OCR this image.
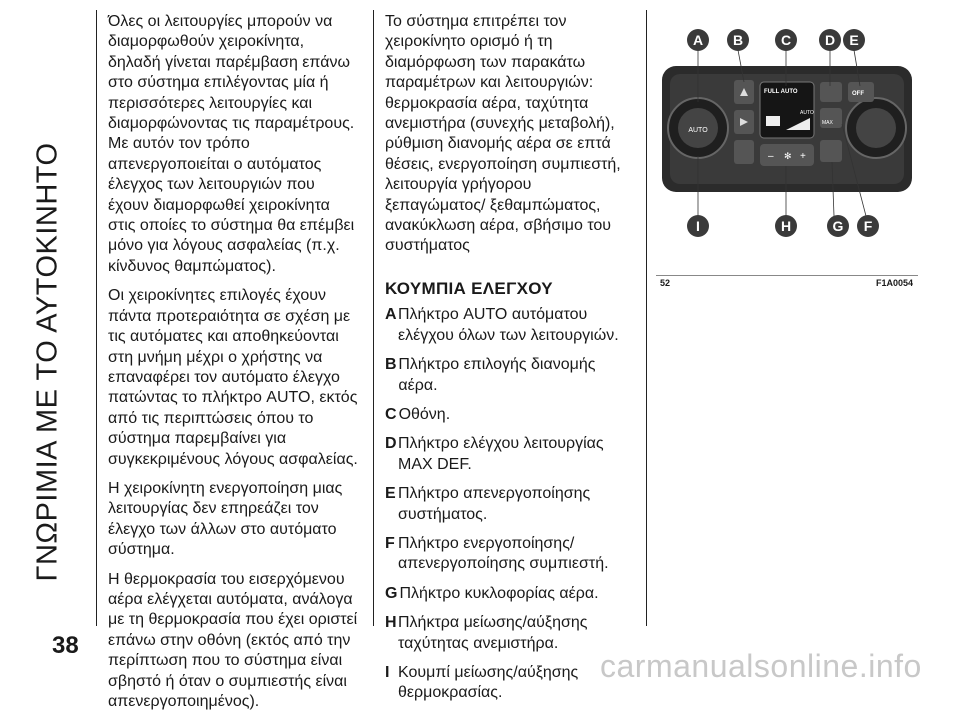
ΓΝΩΡΙΜΙΑ ΜΕ ΤΟ ΑΥΤΟΚΙΝΗΤΟ

Όλες οι λειτουργίες μπορούν να διαμορφωθούν χειροκίνητα, δηλαδή γίνεται παρέμβαση επάνω στο σύστημα επιλέγοντας μία ή περισσότερες λειτουργίες και διαμορφώνοντας τις παραμέτρους. Με αυτόν τον τρόπο απενεργοποιείται ο αυτόματος έλεγχος των λειτουργιών που έχουν διαμορφωθεί χειροκίνητα στις οποίες το σύστημα θα επέμβει μόνο για λόγους ασφαλείας (π.χ. κίνδυνος θαμπώματος).

Οι χειροκίνητες επιλογές έχουν πάντα προτεραιότητα σε σχέση με τις αυτόματες και αποθηκεύονται στη μνήμη μέχρι ο χρήστης να επαναφέρει τον αυτόματο έλεγχο πατώντας το πλήκτρο AUTO, εκτός από τις περιπτώσεις όπου το σύστημα παρεμβαίνει για συγκεκριμένους λόγους ασφαλείας.

Η χειροκίνητη ενεργοποίηση μιας λειτουργίας δεν επηρεάζει τον έλεγχο των άλλων στο αυτόματο σύστημα.

Η θερμοκρασία του εισερχόμενου αέρα ελέγχεται αυτόματα, ανάλογα με τη θερμοκρασία που έχει οριστεί επάνω στην οθόνη (εκτός από την περίπτωση που το σύστημα είναι σβηστό ή όταν ο συμπιεστής είναι απενεργοποιημένος).

Το σύστημα επιτρέπει τον χειροκίνητο ορισμό ή τη διαμόρφωση των παρακάτω παραμέτρων και λειτουργιών: θερμοκρασία αέρα, ταχύτητα ανεμιστήρα (συνεχής μεταβολή), ρύθμιση διανομής αέρα σε επτά θέσεις, ενεργοποίηση συμπιεστή, λειτουργία γρήγορου ξεπαγώματος/ ξεθαμπώματος, ανακύκλωση αέρα, σβήσιμο του συστήματος

ΚΟΥΜΠΙΑ ΕΛΕΓΧΟΥ
A Πλήκτρο AUTO αυτόματου ελέγχου όλων των λειτουργιών.
B Πλήκτρο επιλογής διανομής αέρα.
C Οθόνη.
D Πλήκτρο ελέγχου λειτουργίας MAX DEF.
E Πλήκτρο απενεργοποίησης συστήματος.
F Πλήκτρο ενεργοποίησης/ απενεργοποίησης συμπιεστή.
G Πλήκτρο κυκλοφορίας αέρα.
H Πλήκτρα μείωσης/αύξησης ταχύτητας ανεμιστήρα.
I Κουμπί μείωσης/αύξησης θερμοκρασίας.
AUTO
FULL AUTO
AUTO
– ✻ +
MAX
OFF
A B	C D E
I	H	G F
52	F1A0054
38
carmanualsonline.info
